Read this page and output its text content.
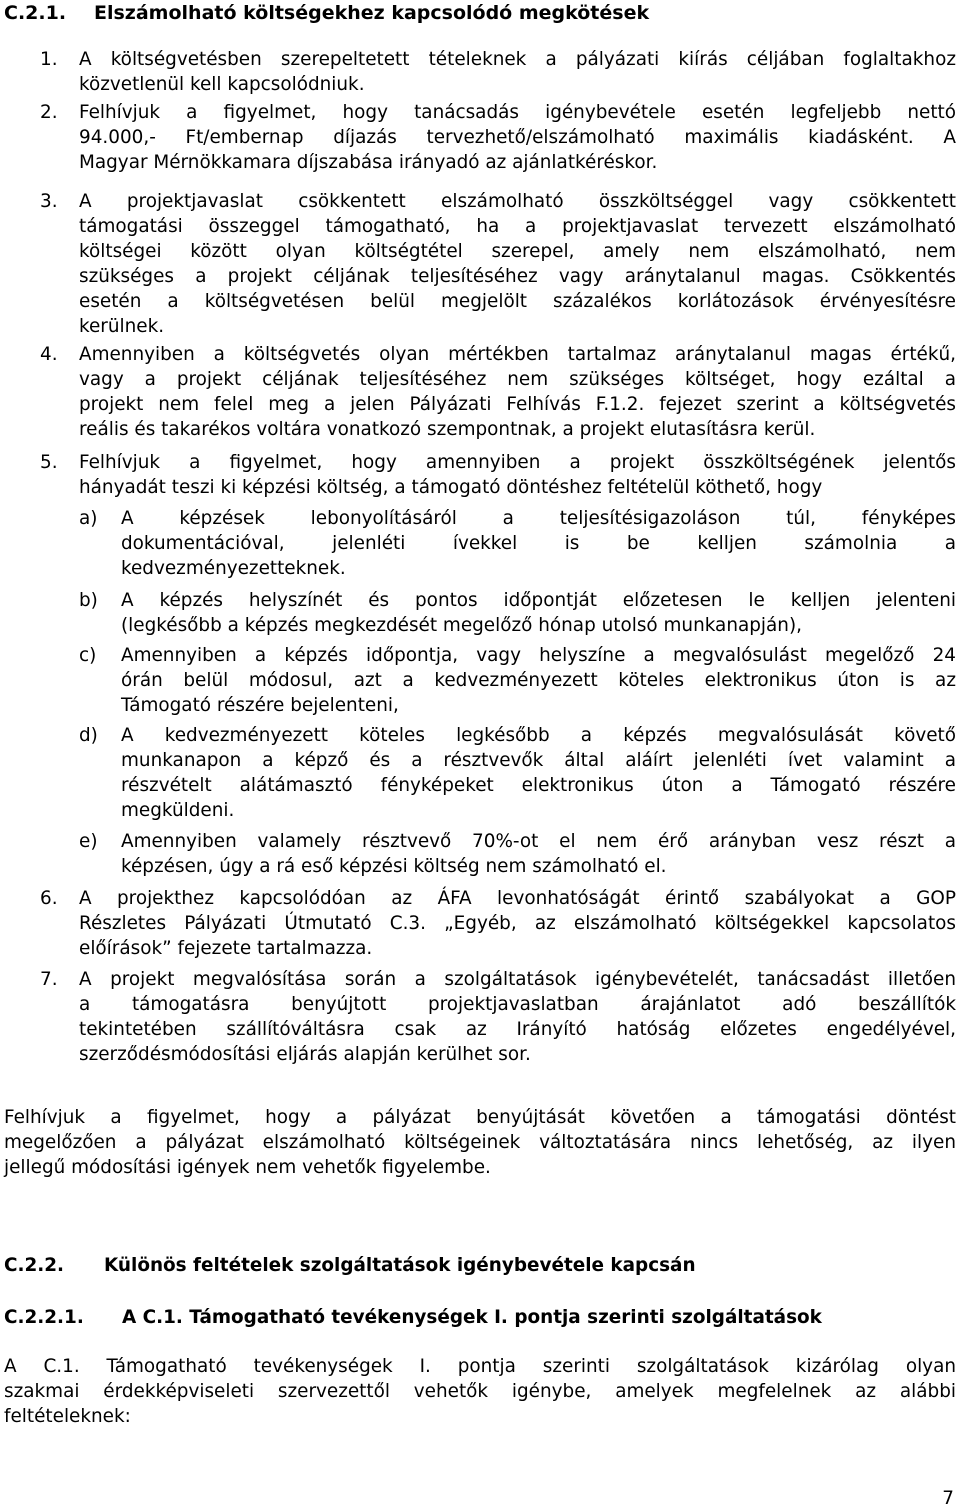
C.2.1. Elszámolható költségekhez kapcsolódó megkötések
C.2.2. Különös feltételek szolgáltatások igénybevétele kapcsán
C.2.2.1. A C.1. Támogatható tevékenységek I. pontja szerinti szolgáltatások
7
1. A költségvetésben szerepeltetett tételeknek a pályázati kiírás céljában foglaltakhoz
közvetlenül kell kapcsolódniuk.
2. Felhívjuk a figyelmet, hogy tanácsadás igénybevétele esetén legfeljebb nettó
94.000,- Ft/embernap díjazás tervezhető/elszámolható maximális kiadásként. A
Magyar Mérnökkamara díjszabása irányadó az ajánlatkéréskor.
3. A projektjavaslat csökkentett elszámolható összköltséggel vagy csökkentett
támogatási összeggel támogatható, ha a projektjavaslat tervezett elszámolható
költségei között olyan költségtétel szerepel, amely nem elszámolható, nem
szükséges a projekt céljának teljesítéséhez vagy aránytalanul magas. Csökkentés
esetén a költségvetésen belül megjelölt százalékos korlátozások érvényesítésre
kerülnek.
4. Amennyiben a költségvetés olyan mértékben tartalmaz aránytalanul magas értékű,
vagy a projekt céljának teljesítéséhez nem szükséges költséget, hogy ezáltal a
projekt nem felel meg a jelen Pályázati Felhívás F.1.2. fejezet szerint a költségvetés
reális és takarékos voltára vonatkozó szempontnak, a projekt elutasításra kerül.
5. Felhívjuk a figyelmet, hogy amennyiben a projekt összköltségének jelentős
hányadát teszi ki képzési költség, a támogató döntéshez feltételül köthető, hogy
a) A képzések lebonyolításáról a teljesítésigazoláson túl, fényképes
dokumentációval, jelenléti ívekkel is be kelljen számolnia a
kedvezményezetteknek.
b) A képzés helyszínét és pontos időpontját előzetesen le kelljen jelenteni
(legkésőbb a képzés megkezdését megelőző hónap utolsó munkanapján),
c) Amennyiben a képzés időpontja, vagy helyszíne a megvalósulást megelőző 24
órán belül módosul, azt a kedvezményezett köteles elektronikus úton is az
Támogató részére bejelenteni,
d) A kedvezményezett köteles legkésőbb a képzés megvalósulását követő
munkanapon a képző és a résztvevők által aláírt jelenléti ívet valamint a
részvételt alátámasztó fényképeket elektronikus úton a Támogató részére
megküldeni.
e) Amennyiben valamely résztvevő 70%-ot el nem érő arányban vesz részt a
képzésen, úgy a rá eső képzési költség nem számolható el.
6. A projekthez kapcsolódóan az ÁFA levonhatóságát érintő szabályokat a GOP
Részletes Pályázati Útmutató C.3. „Egyéb, az elszámolható költségekkel kapcsolatos
előírások” fejezete tartalmazza.
7. A projekt megvalósítása során a szolgáltatások igénybevételét, tanácsadást illetően
a támogatásra benyújtott projektjavaslatban árajánlatot adó beszállítók
tekintetében szállítóváltásra csak az Irányító hatóság előzetes engedélyével,
szerződésmódosítási eljárás alapján kerülhet sor.
Felhívjuk a figyelmet, hogy a pályázat benyújtását követően a támogatási döntést
megelőzően a pályázat elszámolható költségeinek változtatására nincs lehetőség, az ilyen
jellegű módosítási igények nem vehetők figyelembe.
A C.1. Támogatható tevékenységek I. pontja szerinti szolgáltatások kizárólag olyan
szakmai érdekképviseleti szervezettől vehetők igénybe, amelyek megfelelnek az alábbi
feltételeknek:
